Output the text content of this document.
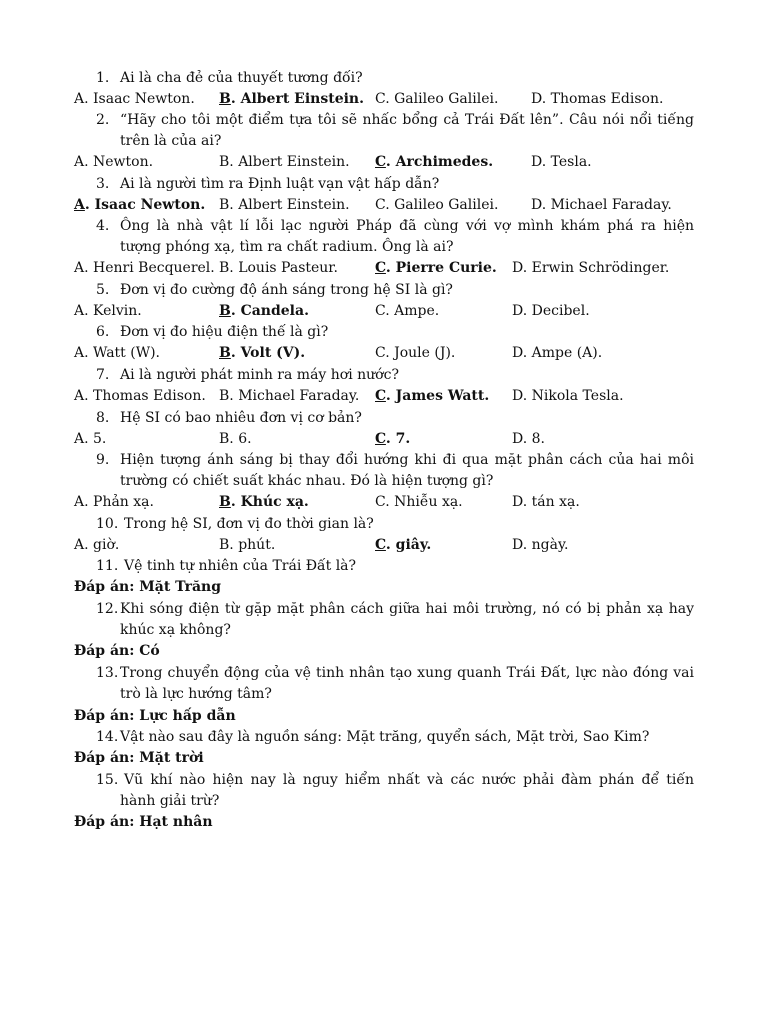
1. Ai là cha đẻ của thuyết tương đối?
A. Isaac Newton. B. Albert Einstein. C. Galileo Galilei. D. Thomas Edison.
2. “Hãy cho tôi một điểm tựa tôi sẽ nhấc bổng cả Trái Đất lên”. Câu nói nổi tiếng
trên là của ai?
A. Newton.	B. Albert Einstein. C. Archimedes.	D. Tesla.
3. Ai là người tìm ra Định luật vạn vật hấp dẫn?
A. Isaac Newton. B. Albert Einstein. C. Galileo Galilei. D. Michael Faraday.
4. Ông là nhà vật lí lỗi lạc người Pháp đã cùng với vợ mình khám phá ra hiện
tượng phóng xạ, tìm ra chất radium. Ông là ai?
A. Henri Becquerel. B. Louis Pasteur.	C. Pierre Curie. D. Erwin Schrödinger.
5. Đơn vị đo cường độ ánh sáng trong hệ SI là gì?
A. Kelvin.	B. Candela.	C. Ampe.	D. Decibel.
6. Đơn vị đo hiệu điện thế là gì?
A. Watt (W).	B. Volt (V).	C. Joule (J).	D. Ampe (A).
7. Ai là người phát minh ra máy hơi nước?
A. Thomas Edison. B. Michael Faraday. C. James Watt. D. Nikola Tesla.
8. Hệ SI có bao nhiêu đơn vị cơ bản?
A. 5.	B. 6.	C. 7.	D. 8.
9. Hiện tượng ánh sáng bị thay đổi hướng khi đi qua mặt phân cách của hai môi
trường có chiết suất khác nhau. Đó là hiện tượng gì?
A. Phản xạ.	B. Khúc xạ.	C. Nhiễu xạ.	D. tán xạ.
10. Trong hệ SI, đơn vị đo thời gian là?
A. giờ.	B. phút.	C. giây.	D. ngày.
11. Vệ tinh tự nhiên của Trái Đất là?
Đáp án: Mặt Trăng
12. Khi sóng điện từ gặp mặt phân cách giữa hai môi trường, nó có bị phản xạ hay
khúc xạ không?
Đáp án: Có
13. Trong chuyển động của vệ tinh nhân tạo xung quanh Trái Đất, lực nào đóng vai
trò là lực hướng tâm?
Đáp án: Lực hấp dẫn
14. Vật nào sau đây là nguồn sáng: Mặt trăng, quyển sách, Mặt trời, Sao Kim?
Đáp án: Mặt trời
15. Vũ khí nào hiện nay là nguy hiểm nhất và các nước phải đàm phán để tiến
hành giải trừ?
Đáp án: Hạt nhân
